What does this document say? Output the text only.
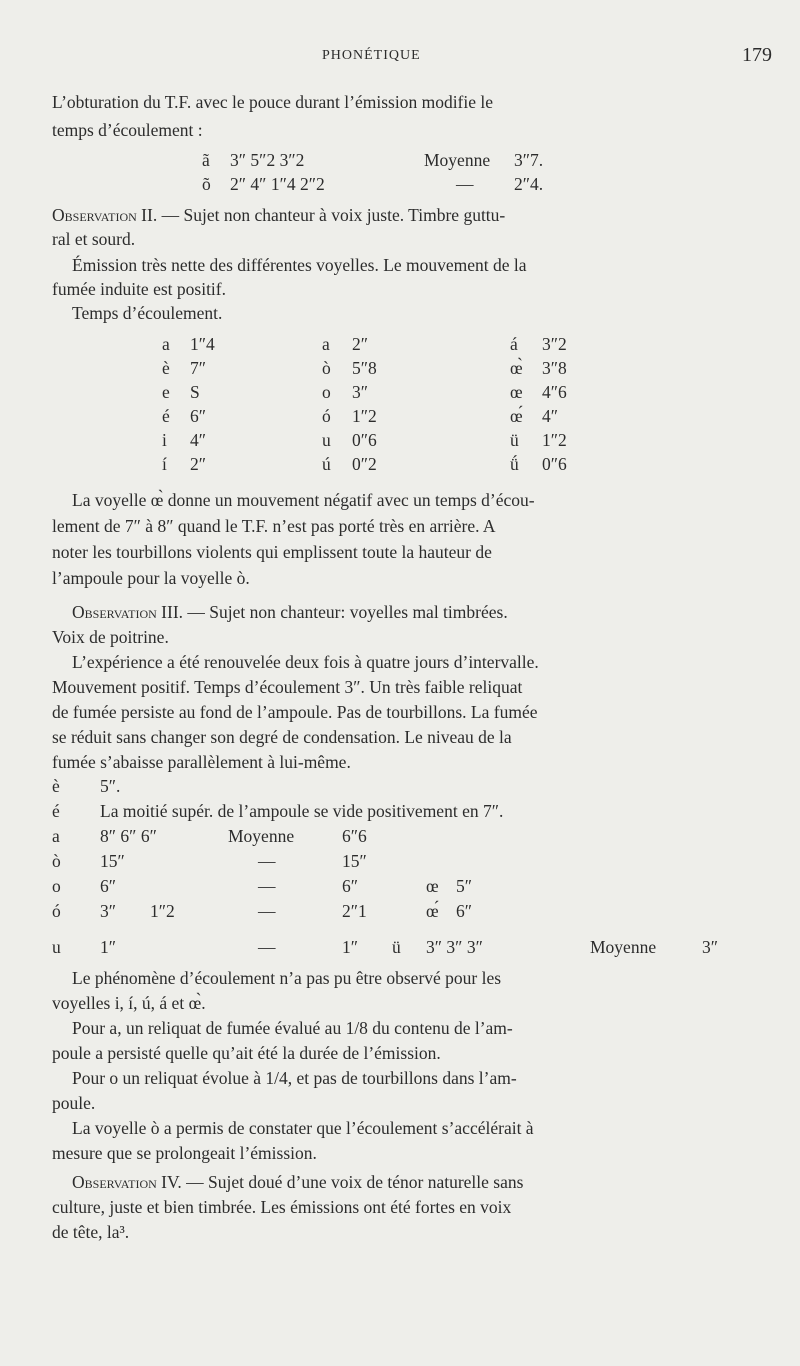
PHONÉTIQUE	179
L’obturation du T.F. avec le pouce durant l’émission modifie le
temps d’écoulement :
ã 3″ 5″2 3″2	Moyenne 3″7.
õ 2″ 4″ 1″4 2″2	— 2″4.
Observation II. — Sujet non chanteur à voix juste. Timbre guttu-
ral et sourd.
Émission très nette des différentes voyelles. Le mouvement de la
fumée induite est positif.
Temps d’écoulement.
a 1″4	a 2″	á 3″2
è 7″	ò 5″8	œ̀ 3″8
e S	o 3″	œ 4″6
é 6″	ó 1″2	œ́ 4″
i 4″	u 0″6	ü 1″2
í 2″	ú 0″2	ǘ 0″6
La voyelle œ̀ donne un mouvement négatif avec un temps d’écou-
lement de 7″ à 8″ quand le T.F. n’est pas porté très en arrière. A
noter les tourbillons violents qui emplissent toute la hauteur de
l’ampoule pour la voyelle ò.
Observation III. — Sujet non chanteur: voyelles mal timbrées.
Voix de poitrine.
L’expérience a été renouvelée deux fois à quatre jours d’intervalle.
Mouvement positif. Temps d’écoulement 3″. Un très faible reliquat
de fumée persiste au fond de l’ampoule. Pas de tourbillons. La fumée
se réduit sans changer son degré de condensation. Le niveau de la
fumée s’abaisse parallèlement à lui-même.
è 5″.
é La moitié supér. de l’ampoule se vide positivement en 7″.
a 8″ 6″ 6″	Moyenne	6″6
ò 15″	—	15″
o 6″	—	6″	œ 5″
ó 3″ 1″2	—	2″1	œ́ 6″
u 1″	—	1″ ü 3″ 3″ 3″	Moyenne	3″
Le phénomène d’écoulement n’a pas pu être observé pour les
voyelles i, í, ú, á et œ̀.
Pour a, un reliquat de fumée évalué au 1/8 du contenu de l’am-
poule a persisté quelle qu’ait été la durée de l’émission.
Pour o un reliquat évolue à 1/4, et pas de tourbillons dans l’am-
poule.
La voyelle ò a permis de constater que l’écoulement s’accélérait à
mesure que se prolongeait l’émission.
Observation IV. — Sujet doué d’une voix de ténor naturelle sans
culture, juste et bien timbrée. Les émissions ont été fortes en voix
de tête, la³.
